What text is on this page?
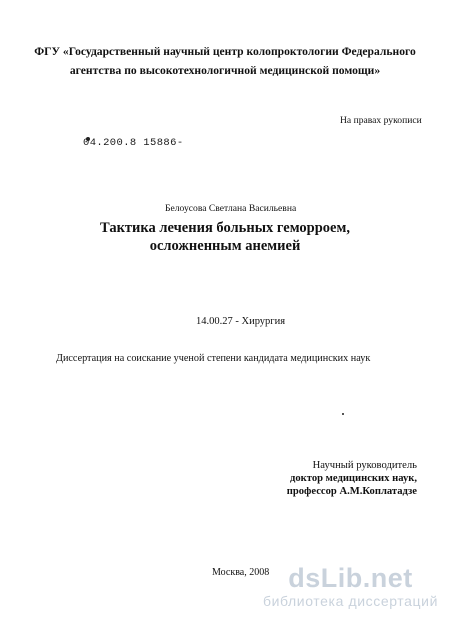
ФГУ «Государственный научный центр колопроктологии Федерального
агентства по высокотехнологичной медицинской помощи»
На правах рукописи
04.200.8 15886-
Белоусова Светлана Васильевна
Тактика лечения больных геморроем,
осложненным анемией
14.00.27 - Хирургия
Диссертация на соискание ученой степени кандидата медицинских наук
Научный руководитель
доктор медицинских наук,
профессор А.М.Коплатадзе
Москва, 2008 dsLib.net
библиотека диссертаций
